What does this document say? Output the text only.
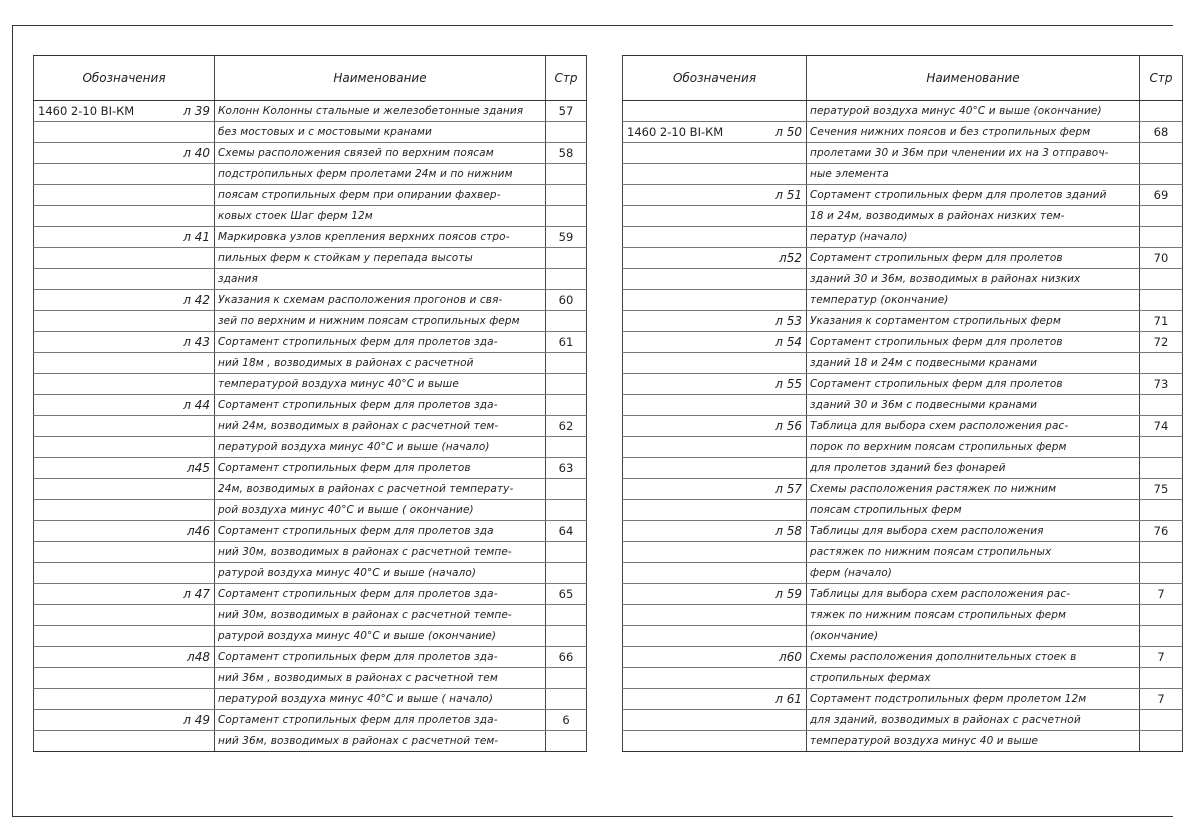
Обозначения	Наименование	Стр

1460 2-10 ВI-КМ л 39	Колонн Колонны стальные и железобетонные здания	57

	без мостовых и с мостовыми кранами	

л 40	Схемы расположения связей по верхним поясам	58

	подстропильных ферм пролетами 24м и по нижним	

	поясам стропильных ферм при опирании фахвер-	

	ковых стоек Шаг ферм 12м	

л 41	Маркировка узлов крепления верхних поясов стро-	59

	пильных ферм к стойкам у перепада высоты	

	здания	

л 42	Указания к схемам расположения прогонов и свя-	60

	зей по верхним и нижним поясам стропильных ферм	

л 43	Сортамент стропильных ферм для пролетов зда-	61

	ний 18м , возводимых в районах с расчетной	

	температурой воздуха минус 40°С и выше	

л 44	Сортамент стропильных ферм для пролетов зда-	

	ний 24м, возводимых в районах с расчетной тем-	62

	пературой воздуха минус 40°С и выше (начало)	

л45	Сортамент стропильных ферм для пролетов	63

	24м, возводимых в районах с расчетной температу-	

	рой воздуха минус 40°С и выше ( окончание)	

л46	Сортамент стропильных ферм для пролетов зда	64

	ний 30м, возводимых в районах с расчетной темпе-	

	ратурой воздуха минус 40°С и выше (начало)	

л 47	Сортамент стропильных ферм для пролетов зда-	65

	ний 30м, возводимых в районах с расчетной темпе-	

	ратурой воздуха минус 40°С и выше (окончание)	

л48	Сортамент стропильных ферм для пролетов зда-	66

	ний 36м , возводимых в районах с расчетной тем	

	пературой воздуха минус 40°С и выше ( начало)	

л 49	Сортамент стропильных ферм для пролетов зда-	6

	ний 36м, возводимых в районах с расчетной тем-	
Обозначения	Наименование	Стр

	пературой воздуха минус 40°С и выше (окончание)	

1460 2-10 ВI-КМ л 50	Сечения нижних поясов и без стропильных ферм	68

	пролетами 30 и 36м при членении их на 3 отправоч-	

	ные элемента	

л 51	Сортамент стропильных ферм для пролетов зданий	69

	18 и 24м, возводимых в районах низких тем-	

	ператур (начало)	

л52	Сортамент стропильных ферм для пролетов	70

	зданий 30 и 36м, возводимых в районах низких	

	температур (окончание)	

л 53	Указания к сортаментом стропильных ферм	71

л 54	Сортамент стропильных ферм для пролетов	72

	зданий 18 и 24м с подвесными кранами	

л 55	Сортамент стропильных ферм для пролетов	73

	зданий 30 и 36м с подвесными кранами	

л 56	Таблица для выбора схем расположения рас-	74

	порок по верхним поясам стропильных ферм	

	для пролетов зданий без фонарей	

л 57	Схемы расположения растяжек по нижним	75

	поясам стропильных ферм	

л 58	Таблицы для выбора схем расположения	76

	растяжек по нижним поясам стропильных	

	ферм (начало)	

л 59	Таблицы для выбора схем расположения рас-	7

	тяжек по нижним поясам стропильных ферм	

	(окончание)	

л60	Схемы расположения дополнительных стоек в	7

	стропильных фермах	

л 61	Сортамент подстропильных ферм пролетом 12м	7

	для зданий, возводимых в районах с расчетной	

	температурой воздуха минус 40 и выше	
